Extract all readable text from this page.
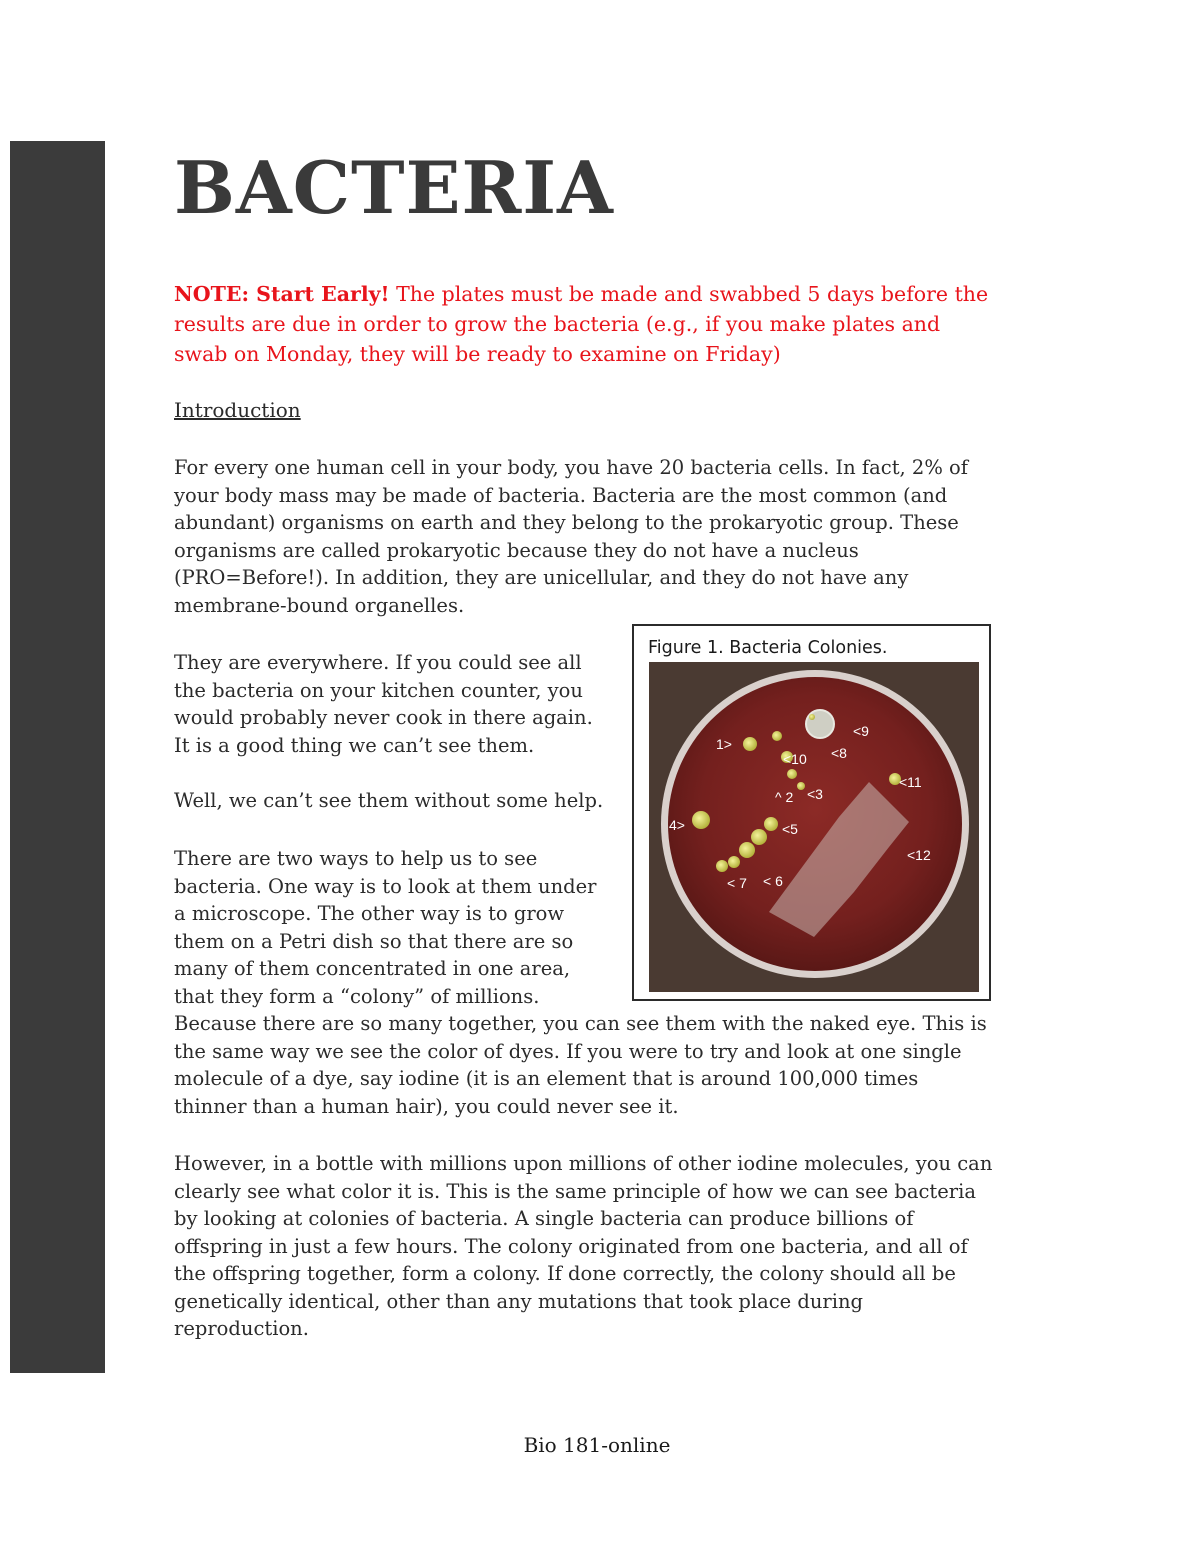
BACTERIA

NOTE: Start Early! The plates must be made and swabbed 5 days before the results are due in order to grow the bacteria (e.g., if you make plates and swab on Monday, they will be ready to examine on Friday)

Introduction

For every one human cell in your body, you have 20 bacteria cells. In fact, 2% of your body mass may be made of bacteria. Bacteria are the most common (and abundant) organisms on earth and they belong to the prokaryotic group. These organisms are called prokaryotic because they do not have a nucleus (PRO=Before!). In addition, they are unicellular, and they do not have any membrane-bound organelles.

They are everywhere. If you could see all the bacteria on your kitchen counter, you would probably never cook in there again. It is a good thing we can’t see them.

Well, we can’t see them without some help.

There are two ways to help us to see bacteria. One way is to look at them under a microscope. The other way is to grow them on a Petri dish so that there are so many of them concentrated in one area, that they form a “colony” of millions.

Because there are so many together, you can see them with the naked eye. This is the same way we see the color of dyes. If you were to try and look at one single molecule of a dye, say iodine (it is an element that is around 100,000 times thinner than a human hair), you could never see it.

However, in a bottle with millions upon millions of other iodine molecules, you can clearly see what color it is. This is the same principle of how we can see bacteria by looking at colonies of bacteria. A single bacteria can produce billions of offspring in just a few hours. The colony originated from one bacteria, and all of the offspring together, form a colony. If done correctly, the colony should all be genetically identical, other than any mutations that took place during reproduction.

Figure 1. Bacteria Colonies.

1>
<10 <8
<9
<11
^ 2 <3
4>	<5
<12
< 7 < 6

Bio 181-online
